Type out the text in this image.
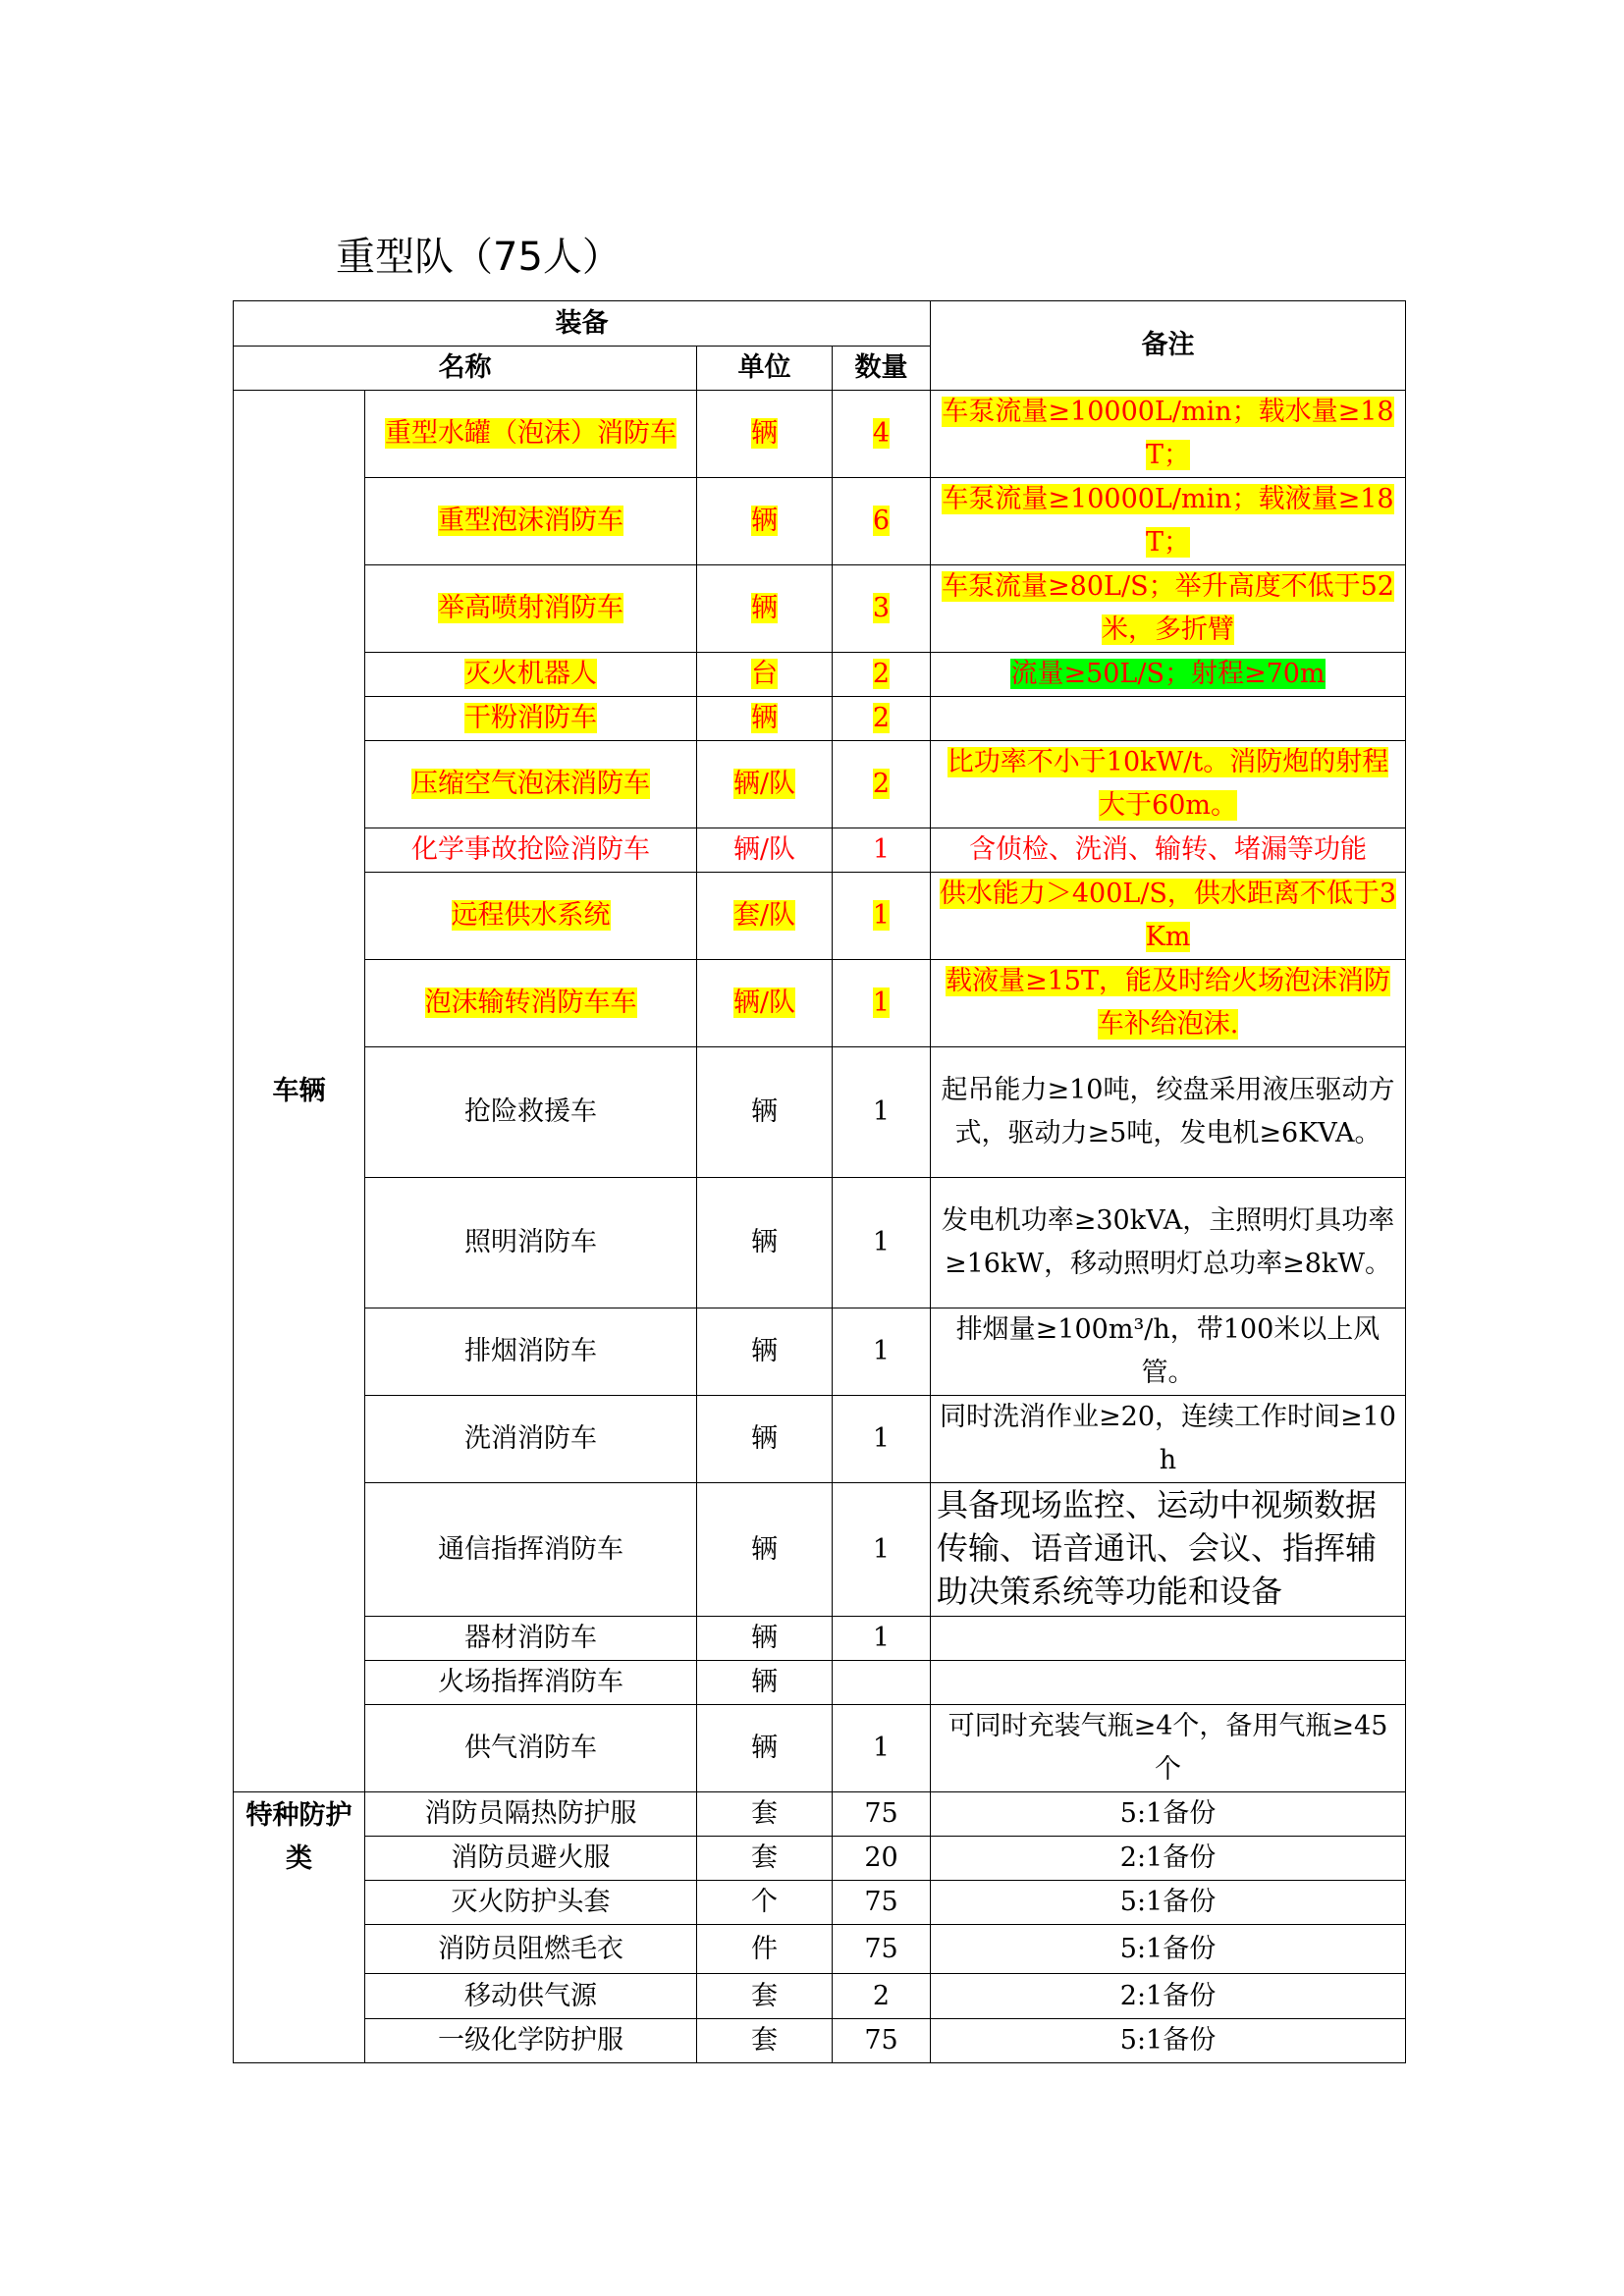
重型队（75人）
装备				备注
名称		单位	数量	
车辆	重型水罐（泡沫）消防车	辆	4	车泵流量≥10000L/min；载水量≥18T；
	重型泡沫消防车	辆	6	车泵流量≥10000L/min；载液量≥18T；
	举高喷射消防车	辆	3	车泵流量≥80L/S；举升高度不低于52米，多折臂
	灭火机器人	台	2	流量≥50L/S；射程≥70m
	干粉消防车	辆	2	
	压缩空气泡沫消防车	辆/队	2	比功率不小于10kW/t。消防炮的射程大于60m。
	化学事故抢险消防车	辆/队	1	含侦检、洗消、输转、堵漏等功能
	远程供水系统	套/队	1	供水能力＞400L/S，供水距离不低于3Km
	泡沫输转消防车车	辆/队	1	载液量≥15T，能及时给火场泡沫消防车补给泡沫.
	抢险救援车	辆	1	起吊能力≥10吨，绞盘采用液压驱动方式，驱动力≥5吨，发电机≥6KVA。
	照明消防车	辆	1	发电机功率≥30kVA，主照明灯具功率≥16kW，移动照明灯总功率≥8kW。
	排烟消防车	辆	1	排烟量≥100m³/h，带100米以上风管。
	洗消消防车	辆	1	同时洗消作业≥20，连续工作时间≥10h
	通信指挥消防车	辆	1	具备现场监控、运动中视频数据传输、语音通讯、会议、指挥辅助决策系统等功能和设备
	器材消防车	辆	1	
	火场指挥消防车	辆		
	供气消防车	辆	1	可同时充装气瓶≥4个，备用气瓶≥45个
特种防护类	消防员隔热防护服	套	75	5:1备份
	消防员避火服	套	20	2:1备份
	灭火防护头套	个	75	5:1备份
	消防员阻燃毛衣	件	75	5:1备份
	移动供气源	套	2	2:1备份
	一级化学防护服	套	75	5:1备份
